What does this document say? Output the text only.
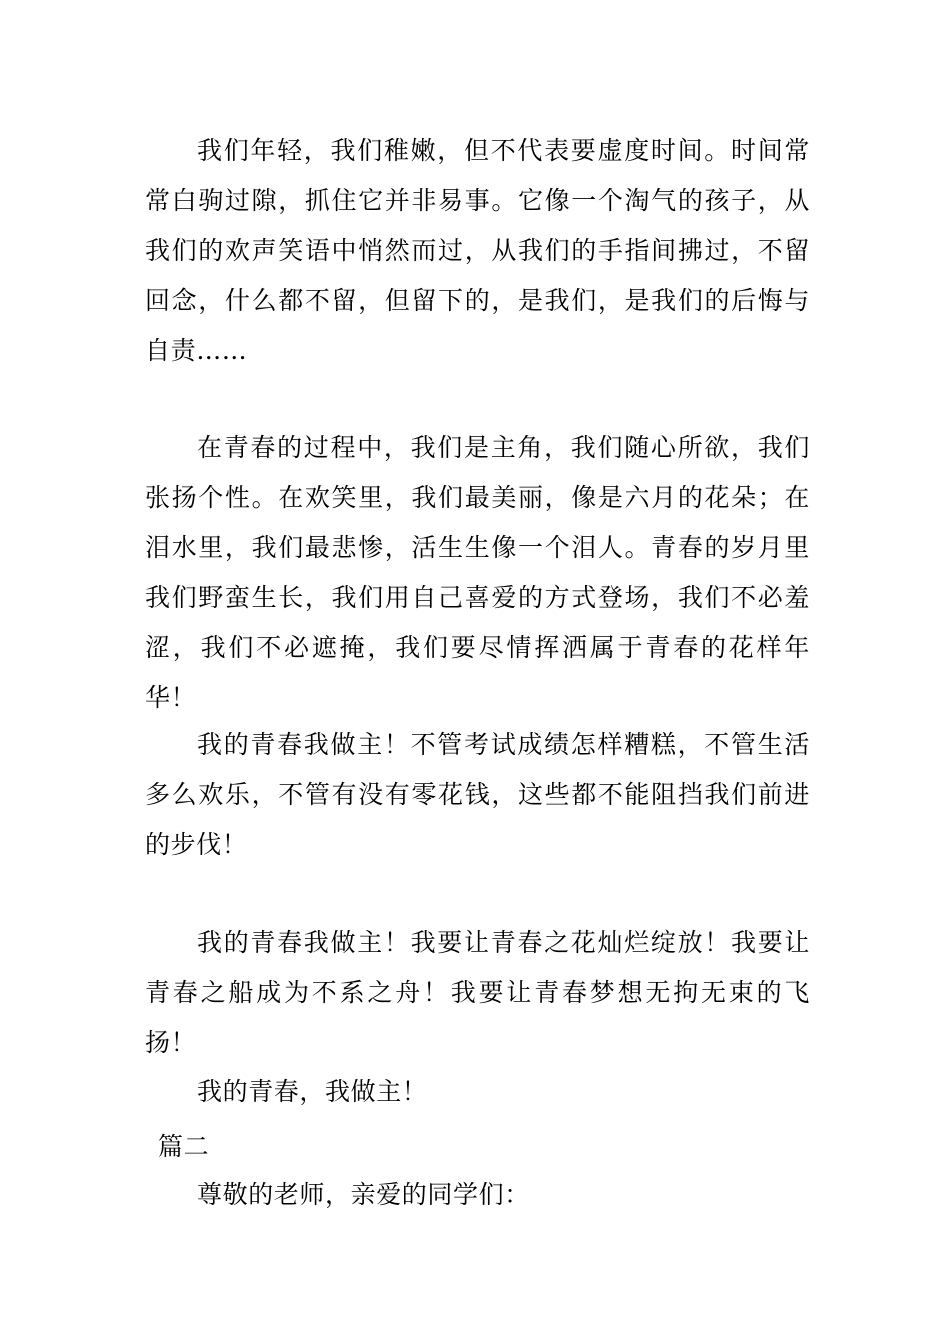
我们年轻，我们稚嫩，但不代表要虚度时间。时间常常白驹过隙，抓住它并非易事。它像一个淘气的孩子，从我们的欢声笑语中悄然而过，从我们的手指间拂过，不留回念，什么都不留，但留下的，是我们，是我们的后悔与自责……

在青春的过程中，我们是主角，我们随心所欲，我们张扬个性。在欢笑里，我们最美丽，像是六月的花朵；在泪水里，我们最悲惨，活生生像一个泪人。青春的岁月里我们野蛮生长，我们用自己喜爱的方式登场，我们不必羞涩，我们不必遮掩，我们要尽情挥洒属于青春的花样年华！

我的青春我做主！不管考试成绩怎样糟糕，不管生活多么欢乐，不管有没有零花钱，这些都不能阻挡我们前进的步伐！

我的青春我做主！我要让青春之花灿烂绽放！我要让青春之船成为不系之舟！我要让青春梦想无拘无束的飞扬！

我的青春，我做主！

篇二

尊敬的老师，亲爱的同学们：
